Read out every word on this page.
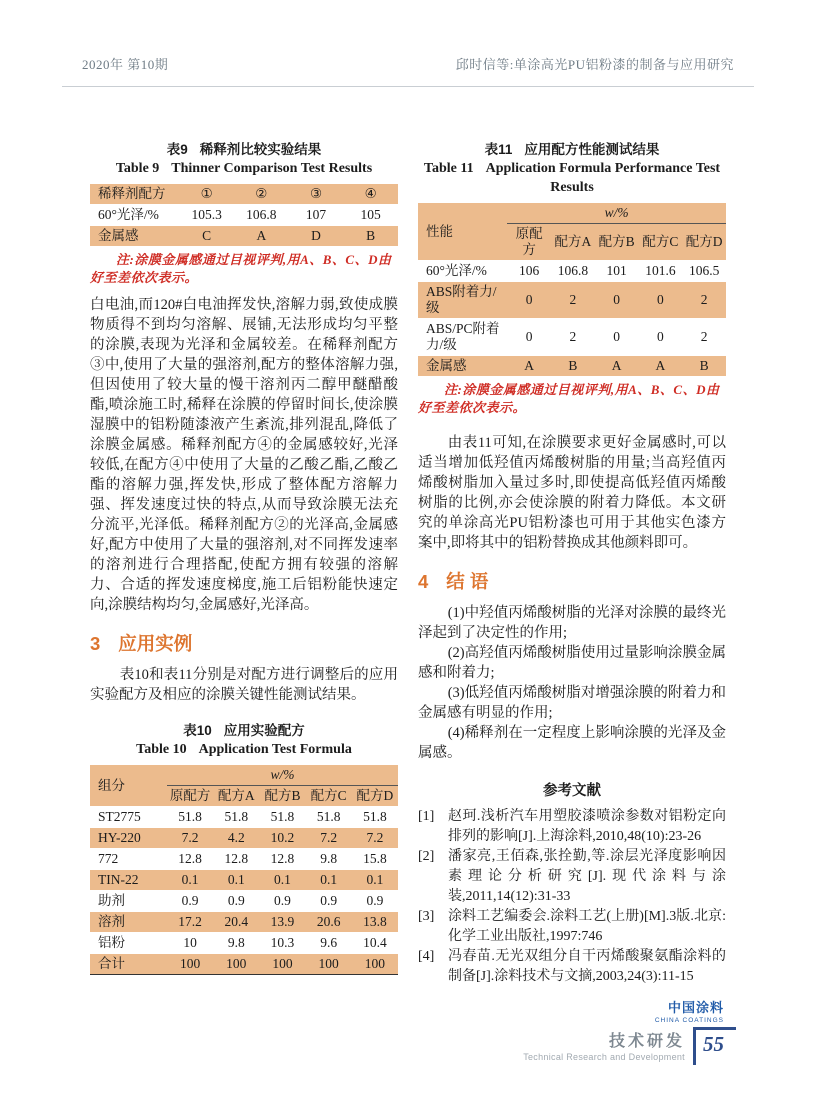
2020年 第10期	邱时信等:单涂高光PU铝粉漆的制备与应用研究
表9 稀释剂比较实验结果
Table 9 Thinner Comparison Test Results
稀释剂配方	①	②	③	④
60°光泽/%	105.3	106.8	107	105
金属感	C	A	D	B
注:涂膜金属感通过目视评判,用A、B、C、D由好至差依次表示。
白电油,而120#白电油挥发快,溶解力弱,致使成膜物质得不到均匀溶解、展铺,无法形成均匀平整的涂膜,表现为光泽和金属较差。在稀释剂配方③中,使用了大量的强溶剂,配方的整体溶解力强,但因使用了较大量的慢干溶剂丙二醇甲醚醋酸酯,喷涂施工时,稀释在涂膜的停留时间长,使涂膜湿膜中的铝粉随漆液产生紊流,排列混乱,降低了涂膜金属感。稀释剂配方④的金属感较好,光泽较低,在配方④中使用了大量的乙酸乙酯,乙酸乙酯的溶解力强,挥发快,形成了整体配方溶解力强、挥发速度过快的特点,从而导致涂膜无法充分流平,光泽低。稀释剂配方②的光泽高,金属感好,配方中使用了大量的强溶剂,对不同挥发速率的溶剂进行合理搭配,使配方拥有较强的溶解力、合适的挥发速度梯度,施工后铝粉能快速定向,涂膜结构均匀,金属感好,光泽高。
3 应用实例
表10和表11分别是对配方进行调整后的应用实验配方及相应的涂膜关键性能测试结果。
表10 应用实验配方
Table 10 Application Test Formula
组分	w/%				
	原配方	配方A	配方B	配方C	配方D
ST2775	51.8	51.8	51.8	51.8	51.8
HY-220	7.2	4.2	10.2	7.2	7.2
772	12.8	12.8	12.8	9.8	15.8
TIN-22	0.1	0.1	0.1	0.1	0.1
助剂	0.9	0.9	0.9	0.9	0.9
溶剂	17.2	20.4	13.9	20.6	13.8
铝粉	10	9.8	10.3	9.6	10.4
合计	100	100	100	100	100
表11 应用配方性能测试结果
Table 11 Application Formula Performance Test Results
性能	w/%				
	原配方	配方A	配方B	配方C	配方D
60°光泽/%	106	106.8	101	101.6	106.5
ABS附着力/级	0	2	0	0	2
ABS/PC附着力/级	0	2	0	0	2
金属感	A	B	A	A	B
注:涂膜金属感通过目视评判,用A、B、C、D由好至差依次表示。
由表11可知,在涂膜要求更好金属感时,可以适当增加低羟值丙烯酸树脂的用量;当高羟值丙烯酸树脂加入量过多时,即使提高低羟值丙烯酸树脂的比例,亦会使涂膜的附着力降低。本文研究的单涂高光PU铝粉漆也可用于其他实色漆方案中,即将其中的铝粉替换成其他颜料即可。
4 结 语
(1)中羟值丙烯酸树脂的光泽对涂膜的最终光泽起到了决定性的作用;
(2)高羟值丙烯酸树脂使用过量影响涂膜金属感和附着力;
(3)低羟值丙烯酸树脂对增强涂膜的附着力和金属感有明显的作用;
(4)稀释剂在一定程度上影响涂膜的光泽及金属感。
参考文献
[1] 赵珂.浅析汽车用塑胶漆喷涂参数对铝粉定向排列的影响[J].上海涂料,2010,48(10):23-26
[2] 潘家亮,王佰森,张拴勤,等.涂层光泽度影响因素理论分析研究[J].现代涂料与涂装,2011,14(12):31-33
[3] 涂料工艺编委会.涂料工艺(上册)[M].3版.北京:化学工业出版社,1997:746
[4] 冯春苗.无光双组分自干丙烯酸聚氨酯涂料的制备[J].涂料技术与文摘,2003,24(3):11-15
中国涂料
CHINA COATINGS
技术研发
Technical Research and Development
55
